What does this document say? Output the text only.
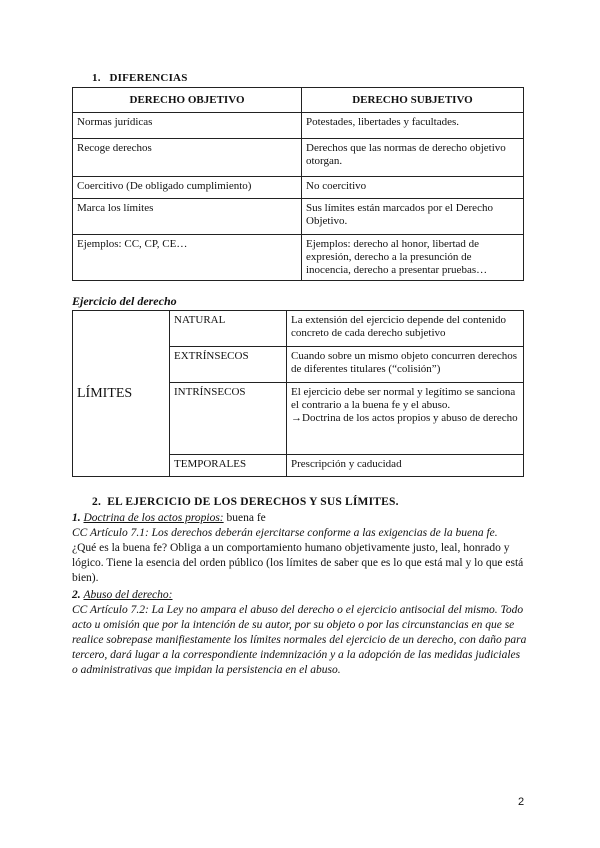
1. DIFERENCIAS
DERECHO OBJETIVO	DERECHO SUBJETIVO
Normas jurídicas	Potestades, libertades y facultades.
Recoge derechos	Derechos que las normas de derecho objetivo otorgan.
Coercitivo (De obligado cumplimiento)	No coercitivo
Marca los límites	Sus límites están marcados por el Derecho Objetivo.
Ejemplos: CC, CP, CE…	Ejemplos: derecho al honor, libertad de expresión, derecho a la presunción de inocencia, derecho a presentar pruebas…
Ejercicio del derecho
LÍMITES	NATURAL	La extensión del ejercicio depende del contenido concreto de cada derecho subjetivo
	EXTRÍNSECOS	Cuando sobre un mismo objeto concurren derechos de diferentes titulares (“colisión”)
	INTRÍNSECOS	El ejercicio debe ser normal y legítimo se sanciona el contrario a la buena fe y el abuso.
→Doctrina de los actos propios y abuso de derecho
	TEMPORALES	Prescripción y caducidad
2. EL EJERCICIO DE LOS DERECHOS Y SUS LÍMITES.
1. Doctrina de los actos propios: buena fe
CC Artículo 7.1: Los derechos deberán ejercitarse conforme a las exigencias de la buena fe.
¿Qué es la buena fe? Obliga a un comportamiento humano objetivamente justo, leal, honrado y lógico. Tiene la esencia del orden público (los límites de saber que es lo que está mal y lo que está bien).
2. Abuso del derecho:
CC Artículo 7.2: La Ley no ampara el abuso del derecho o el ejercicio antisocial del mismo. Todo acto u omisión que por la intención de su autor, por su objeto o por las circunstancias en que se realice sobrepase manifiestamente los límites normales del ejercicio de un derecho, con daño para tercero, dará lugar a la correspondiente indemnización y a la adopción de las medidas judiciales o administrativas que impidan la persistencia en el abuso.
2
